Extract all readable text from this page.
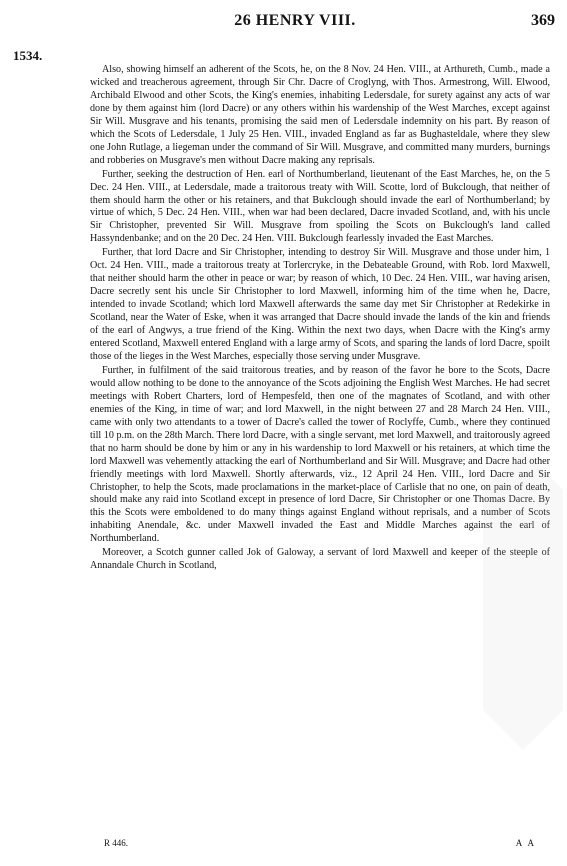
26 HENRY VIII.	369
1534.

Also, showing himself an adherent of the Scots, he, on the 8 Nov. 24 Hen. VIII., at Arthureth, Cumb., made a wicked and treacherous agreement, through Sir Chr. Dacre of Croglyng, with Thos. Armestrong, Will. Elwood, Archibald Elwood and other Scots, the King's enemies, inhabiting Ledersdale, for surety against any acts of war done by them against him (lord Dacre) or any others within his wardenship of the West Marches, except against Sir Will. Musgrave and his tenants, promising the said men of Ledersdale indemnity on his part. By reason of which the Scots of Ledersdale, 1 July 25 Hen. VIII., invaded England as far as Bughasteldale, where they slew one John Rutlage, a liegeman under the command of Sir Will. Musgrave, and committed many murders, burnings and robberies on Musgrave's men without Dacre making any reprisals.

Further, seeking the destruction of Hen. earl of Northumberland, lieutenant of the East Marches, he, on the 5 Dec. 24 Hen. VIII., at Ledersdale, made a traitorous treaty with Will. Scotte, lord of Bukclough, that neither of them should harm the other or his retainers, and that Bukclough should invade the earl of Northumberland; by virtue of which, 5 Dec. 24 Hen. VIII., when war had been declared, Dacre invaded Scotland, and, with his uncle Sir Christopher, prevented Sir Will. Musgrave from spoiling the Scots on Bukclough's land called Hassyndenbanke; and on the 20 Dec. 24 Hen. VIII. Bukclough fearlessly invaded the East Marches.

Further, that lord Dacre and Sir Christopher, intending to destroy Sir Will. Musgrave and those under him, 1 Oct. 24 Hen. VIII., made a traitorous treaty at Torlercryke, in the Debateable Ground, with Rob. lord Maxwell, that neither should harm the other in peace or war; by reason of which, 10 Dec. 24 Hen. VIII., war having arisen, Dacre secretly sent his uncle Sir Christopher to lord Maxwell, informing him of the time when he, Dacre, intended to invade Scotland; which lord Maxwell afterwards the same day met Sir Christopher at Redekirke in Scotland, near the Water of Eske, when it was arranged that Dacre should invade the lands of the kin and friends of the earl of Angwys, a true friend of the King. Within the next two days, when Dacre with the King's army entered Scotland, Maxwell entered England with a large army of Scots, and sparing the lands of lord Dacre, spoilt those of the lieges in the West Marches, especially those serving under Musgrave.

Further, in fulfilment of the said traitorous treaties, and by reason of the favor he bore to the Scots, Dacre would allow nothing to be done to the annoyance of the Scots adjoining the English West Marches. He had secret meetings with Robert Charters, lord of Hempesfeld, then one of the magnates of Scotland, and with other enemies of the King, in time of war; and lord Maxwell, in the night between 27 and 28 March 24 Hen. VIII., came with only two attendants to a tower of Dacre's called the tower of Roclyffe, Cumb., where they continued till 10 p.m. on the 28th March. There lord Dacre, with a single servant, met lord Maxwell, and traitorously agreed that no harm should be done by him or any in his wardenship to lord Maxwell or his retainers, at which time the lord Maxwell was vehemently attacking the earl of Northumberland and Sir Will. Musgrave; and Dacre had other friendly meetings with lord Maxwell. Shortly afterwards, viz., 12 April 24 Hen. VIII., lord Dacre and Sir Christopher, to help the Scots, made proclamations in the market-place of Carlisle that no one, on pain of death, should make any raid into Scotland except in presence of lord Dacre, Sir Christopher or one Thomas Dacre. By this the Scots were emboldened to do many things against England without reprisals, and a number of Scots inhabiting Anendale, &c. under Maxwell invaded the East and Middle Marches against the earl of Northumberland.

Moreover, a Scotch gunner called Jok of Galoway, a servant of lord Maxwell and keeper of the steeple of Annandale Church in Scotland,

R 446.	A A
